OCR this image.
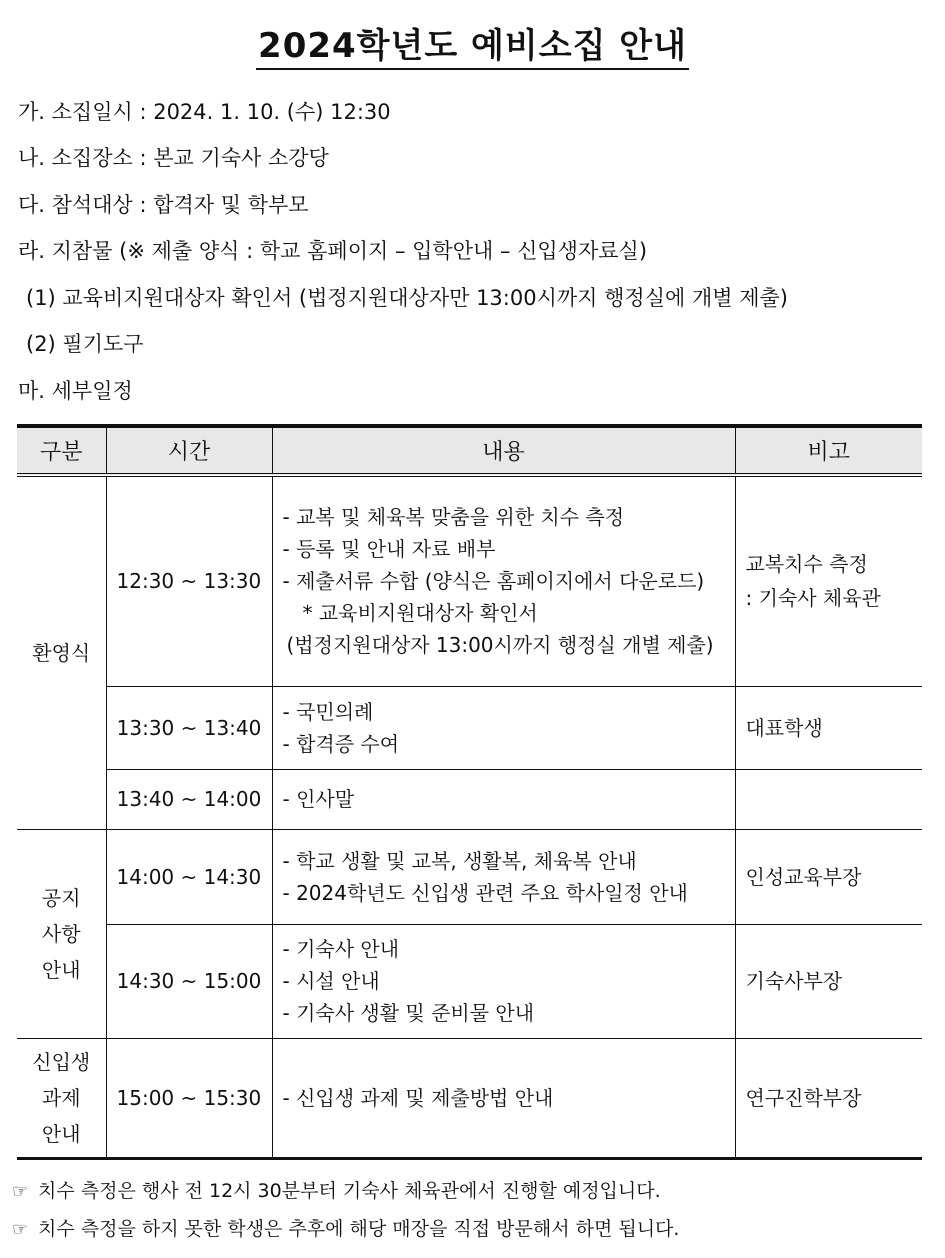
2024학년도 예비소집 안내
가. 소집일시 : 2024. 1. 10. (수) 12:30
나. 소집장소 : 본교 기숙사 소강당
다. 참석대상 : 합격자 및 학부모
라. 지참물 (※ 제출 양식 : 학교 홈페이지 – 입학안내 – 신입생자료실)
(1) 교육비지원대상자 확인서 (법정지원대상자만 13:00시까지 행정실에 개별 제출)
(2) 필기도구
마. 세부일정
구분	시간	내용	비고

환영식	12:30 ~ 13:30	- 교복 및 체육복 맞춤을 위한 치수 측정
- 등록 및 안내 자료 배부
- 제출서류 수합 (양식은 홈페이지에서 다운로드)
* 교육비지원대상자 확인서
(법정지원대상자 13:00시까지 행정실 개별 제출)	교복치수 측정
: 기숙사 체육관

	13:30 ~ 13:40	- 국민의례
- 합격증 수여	대표학생

	13:40 ~ 14:00	- 인사말	

공지
사항
안내	14:00 ~ 14:30	- 학교 생활 및 교복, 생활복, 체육복 안내
- 2024학년도 신입생 관련 주요 학사일정 안내	인성교육부장

	14:30 ~ 15:00	- 기숙사 안내
- 시설 안내
- 기숙사 생활 및 준비물 안내	기숙사부장

신입생
과제
안내	15:00 ~ 15:30	- 신입생 과제 및 제출방법 안내	연구진학부장
☞ 치수 측정은 행사 전 12시 30분부터 기숙사 체육관에서 진행할 예정입니다.
☞ 치수 측정을 하지 못한 학생은 추후에 해당 매장을 직접 방문해서 하면 됩니다.
